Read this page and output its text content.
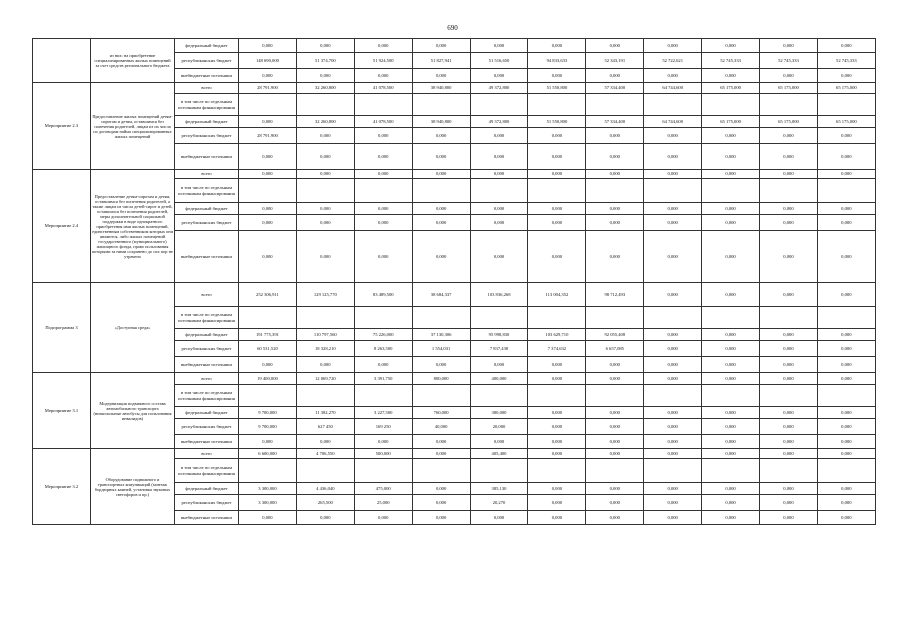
690
	из них: на приобретение специализированных жилых помещений за счет средств регионального бюджета	федеральный бюджет	0,000	0,000	0,000	0,000	0,000	0,000	0,000	0,000	0,000	0,000	0,000
		республиканских бюджет	148 690,000	51 374,700	51 924,500	51 827,941	51 516,650	94 833,633	52 343,191	52 722,621	52 745,333	52 745,333	52 745,333
		внебюджетные источники	0,000	0,000	0,000	0,000	0,000	0,000	0,000	0,000	0,000	0,000	0,000
Мероприятие 2.3	Предоставление жилых помещений детям-сиротам и детям, оставшимся без попечения родителей, лицам из их числа по договорам найма специализированных жилых помещений	всего	28 791,900	32 260,800	41 078,500	38 940,800	49 372,800	51 550,800	57 334,400	64 744,600	65 175,000	65 175,000	65 175,000
		в том числе по отдельным источникам финансирования											
		федеральный бюджет	0,000	32 260,800	41 078,500	38 940,800	49 372,800	51 550,800	57 334,400	64 744,600	65 175,000	65 175,000	65 175,000
		республиканских бюджет	28 791,900	0,000	0,000	0,000	0,000	0,000	0,000	0,000	0,000	0,000	0,000
		внебюджетные источники	0,000	0,000	0,000	0,000	0,000	0,000	0,000	0,000	0,000	0,000	0,000
Мероприятие 2.4	Предоставление детям-сиротам и детям, оставшимся без попечения родителей, а также лицам из числа детей-сирот и детей, оставшихся без попечения родителей, меры дополнительной социальной поддержки в виде однократного приобретения ими жилых помещений, единственным собственником которых они являются, либо жилых помещений государственного (муниципального) жилищного фонда, право пользования которыми за ними сохранено до сих пор не утрачено	всего	0,000	0,000	0,000	0,000	0,000	0,000	0,000	0,000	0,000	0,000	0,000
		в том числе по отдельным источникам финансирования											
		федеральный бюджет	0,000	0,000	0,000	0,000	0,000	0,000	0,000	0,000	0,000	0,000	0,000
		республиканских бюджет	0,000	0,000	0,000	0,000	0,000	0,000	0,000	0,000	0,000	0,000	0,000
		внебюджетные источники	0,000	0,000	0,000	0,000	0,000	0,000	0,000	0,000	0,000	0,000	0,000
Подпрограмма 3	«Доступная среда»	всего	252 306,911	129 125,770	83 489,500	38 684,337	103 836,268	113 004,352	98 712,493	0,000	0,000	0,000	0,000
		в том числе по отдельным источникам финансирования											
		федеральный бюджет	191 775,391	110 797,560	75 226,000	37 130,306	95 998,830	103 629,710	92 055,408	0,000	0,000	0,000	0,000
		республиканских бюджет	60 531,520	18 328,210	8 263,500	1 554,031	7 837,438	7 374,632	6 657,085	0,000	0,000	0,000	0,000
		внебюджетные источники	0,000	0,000	0,000	0,000	0,000	0,000	0,000	0,000	0,000	0,000	0,000
Мероприятие 3.1	Модернизация подвижного состава автомобильного транспорта (низкопольные автобусы для пользования инвалидов)	всего	19 400,000	12 069,720	3 391,750	800,000	400,000	0,000	0,000	0,000	0,000	0,000	0,000
		в том числе по отдельным источникам финансирования											
		федеральный бюджет	9 700,000	11 382,270	3 227,500	760,000	380,000	0,000	0,000	0,000	0,000	0,000	0,000
		республиканских бюджет	9 700,000	627 450	169 250	40,000	20,000	0,000	0,000	0,000	0,000	0,000	0,000
		внебюджетные источники	0,000	0,000	0,000	0,000	0,000	0,000	0,000	0,000	0,000	0,000	0,000
Мероприятие 3.2	Оборудование подвижного и транспортных комуникаций (монтаж бордюрных камней, установка звуковых светофоров и пр.)	всего	6 600,000	4 706,550	500,000	0,000	405,400	0,000	0,000	0,000	0,000	0,000	0,000
		в том числе по отдельным источникам финансирования											
		федеральный бюджет	3 300,000	4 436,040	475,000	0,000	385,130	0,000	0,000	0,000	0,000	0,000	0,000
		республиканских бюджет	3 300,000	265,500	25,000	0,000	20,270	0,000	0,000	0,000	0,000	0,000	0,000
		внебюджетные источники	0,000	0,000	0,000	0,000	0,000	0,000	0,000	0,000	0,000	0,000	0,000
